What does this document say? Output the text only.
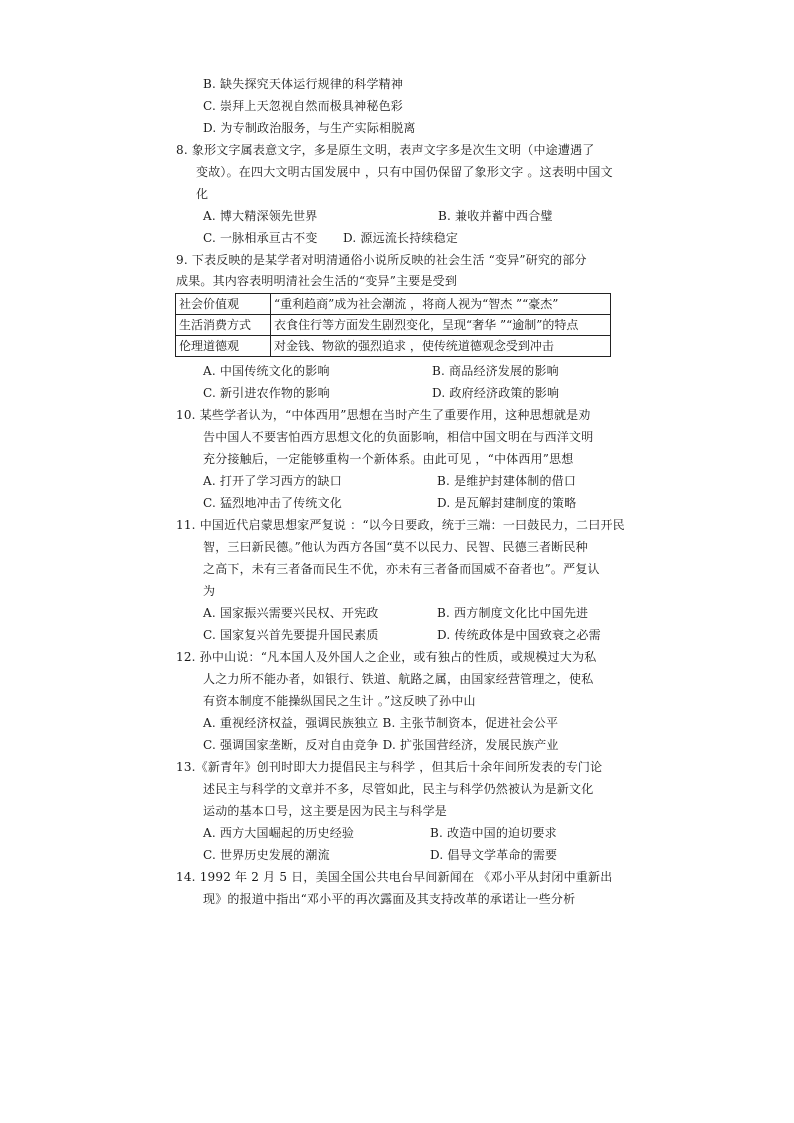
B. 缺失探究天体运行规律的科学精神
C. 崇拜上天忽视自然而极具神秘色彩
D. 为专制政治服务，与生产实际相脱离
8. 象形文字属表意文字，多是原生文明，表声文字多是次生文明（中途遭遇了
变故）。在四大文明古国发展中 ，只有中国仍保留了象形文字 。这表明中国文
化
A. 博大精深领先世界	B. 兼收并蓄中西合璧
C. 一脉相承亘古不变 D. 源远流长持续稳定
9. 下表反映的是某学者对明清通俗小说所反映的社会生活 “变异”研究的部分
成果。其内容表明明清社会生活的“变异”主要是受到
社会价值观	“重利趋商”成为社会潮流 ，将商人视为“智杰 ”“豪杰”
生活消费方式	衣食住行等方面发生剧烈变化，呈现“奢华 ”“逾制”的特点
伦理道德观	对金钱、物欲的强烈追求 ，使传统道德观念受到冲击
A. 中国传统文化的影响	B. 商品经济发展的影响
C. 新引进农作物的影响	D. 政府经济政策的影响
10. 某些学者认为，“中体西用”思想在当时产生了重要作用，这种思想就是劝
告中国人不要害怕西方思想文化的负面影响，相信中国文明在与西洋文明
充分接触后，一定能够重构一个新体系。由此可见 ，“中体西用”思想
A. 打开了学习西方的缺口	B. 是维护封建体制的借口
C. 猛烈地冲击了传统文化	D. 是瓦解封建制度的策略
11. 中国近代启蒙思想家严复说 ：“以今日要政，统于三端：一曰鼓民力，二曰开民
智，三曰新民德。”他认为西方各国“莫不以民力、民智、民德三者断民种
之高下，未有三者备而民生不优，亦未有三者备而国威不奋者也”。严复认
为
A. 国家振兴需要兴民权、开宪政	B. 西方制度文化比中国先进
C. 国家复兴首先要提升国民素质	D. 传统政体是中国致衰之必需
12. 孙中山说：“凡本国人及外国人之企业，或有独占的性质，或规模过大为私
人之力所不能办者，如银行、铁道、航路之属，由国家经营管理之，使私
有资本制度不能操纵国民之生计 。”这反映了孙中山
A. 重视经济权益，强调民族独立 B. 主张节制资本，促进社会公平
C. 强调国家垄断，反对自由竞争 D. 扩张国营经济，发展民族产业
13.《新青年》创刊时即大力提倡民主与科学 ，但其后十余年间所发表的专门论
述民主与科学的文章并不多，尽管如此，民主与科学仍然被认为是新文化
运动的基本口号，这主要是因为民主与科学是
A. 西方大国崛起的历史经验	B. 改造中国的迫切要求
C. 世界历史发展的潮流	D. 倡导文学革命的需要
14. 1992 年 2 月 5 日，美国全国公共电台早间新闻在 《邓小平从封闭中重新出
现》的报道中指出“邓小平的再次露面及其支持改革的承诺让一些分析
